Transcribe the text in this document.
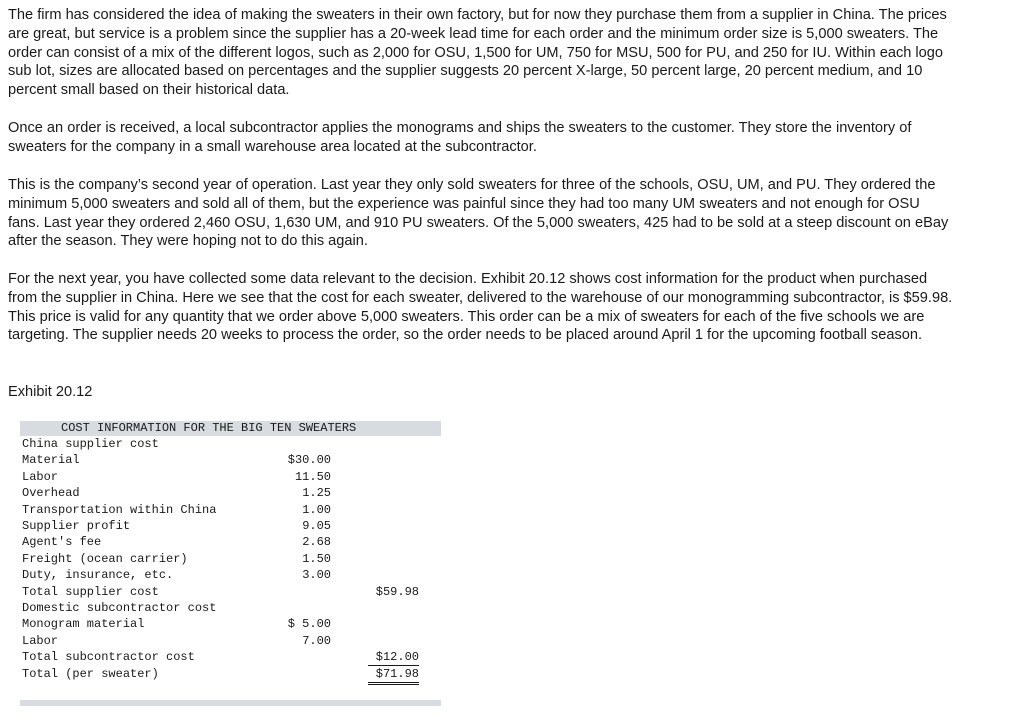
The firm has considered the idea of making the sweaters in their own factory, but for now they purchase them from a supplier in China. The prices are great, but service is a problem since the supplier has a 20-week lead time for each order and the minimum order size is 5,000 sweaters. The order can consist of a mix of the different logos, such as 2,000 for OSU, 1,500 for UM, 750 for MSU, 500 for PU, and 250 for IU. Within each logo sub lot, sizes are allocated based on percentages and the supplier suggests 20 percent X-large, 50 percent large, 20 percent medium, and 10 percent small based on their historical data.

Once an order is received, a local subcontractor applies the monograms and ships the sweaters to the customer. They store the inventory of sweaters for the company in a small warehouse area located at the subcontractor.

This is the company’s second year of operation. Last year they only sold sweaters for three of the schools, OSU, UM, and PU. They ordered the minimum 5,000 sweaters and sold all of them, but the experience was painful since they had too many UM sweaters and not enough for OSU fans. Last year they ordered 2,460 OSU, 1,630 UM, and 910 PU sweaters. Of the 5,000 sweaters, 425 had to be sold at a steep discount on eBay after the season. They were hoping not to do this again.

For the next year, you have collected some data relevant to the decision. Exhibit 20.12 shows cost information for the product when purchased from the supplier in China. Here we see that the cost for each sweater, delivered to the warehouse of our monogramming subcontractor, is $59.98. This price is valid for any quantity that we order above 5,000 sweaters. This order can be a mix of sweaters for each of the five schools we are targeting. The supplier needs 20 weeks to process the order, so the order needs to be placed around April 1 for the upcoming football season.

Exhibit 20.12

COST INFORMATION FOR THE BIG TEN SWEATERS
China supplier cost
Material	$30.00
Labor	11.50
Overhead	1.25
Transportation within China	1.00
Supplier profit	9.05
Agent's fee	2.68
Freight (ocean carrier)	1.50
Duty, insurance, etc.	3.00
Total supplier cost	$59.98
Domestic subcontractor cost
Monogram material	$ 5.00
Labor	7.00
Total subcontractor cost	$12.00
Total (per sweater)	$71.98
